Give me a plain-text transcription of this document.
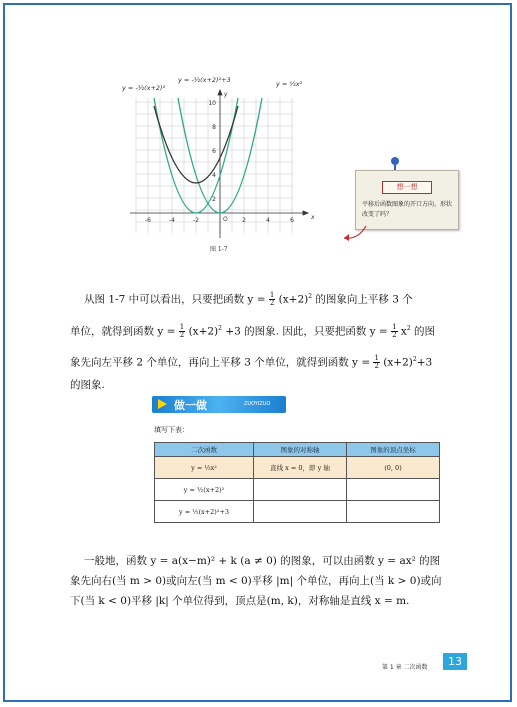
-6	-4	-2	2	4	6
10
8
6
4
2
O	x
y
y = -½(x+2)²
y = -½(x+2)²+3	y = ½x²
图 1-7
想一想
平移后函数图象的开口方向、形状改变了吗？
从图 1-7 中可以看出，只要把函数 $y = \frac{1}{2} (x+2)^2$ 的图象向上平移 3 个
单位，就得到函数 $y = \frac{1}{2} (x+2)^2 +3$ 的图象. 因此，只要把函数 $y = \frac{1}{2} x^2$ 的图
象先向左平移 2 个单位，再向上平移 3 个单位，就得到函数 $y = \frac{1}{2} (x+2)^2+3$
的图象.
做一做	ZUOYIZUO
填写下表：
二次函数	图象的对称轴	图象的顶点坐标
y = ½x²	直线 x = 0，即 y 轴	(0, 0)
y = ½(x+2)²		
y = ½(x+2)²+3		
一般地，函数 y = a(x−m)² + k (a ≠ 0) 的图象，可以由函数 y = ax² 的图
象先向右(当 m > 0)或向左(当 m < 0)平移 |m| 个单位，再向上(当 k > 0)或向
下(当 k < 0)平移 |k| 个单位得到，顶点是(m, k)，对称轴是直线 x = m.
第 1 章 二次函数	13
